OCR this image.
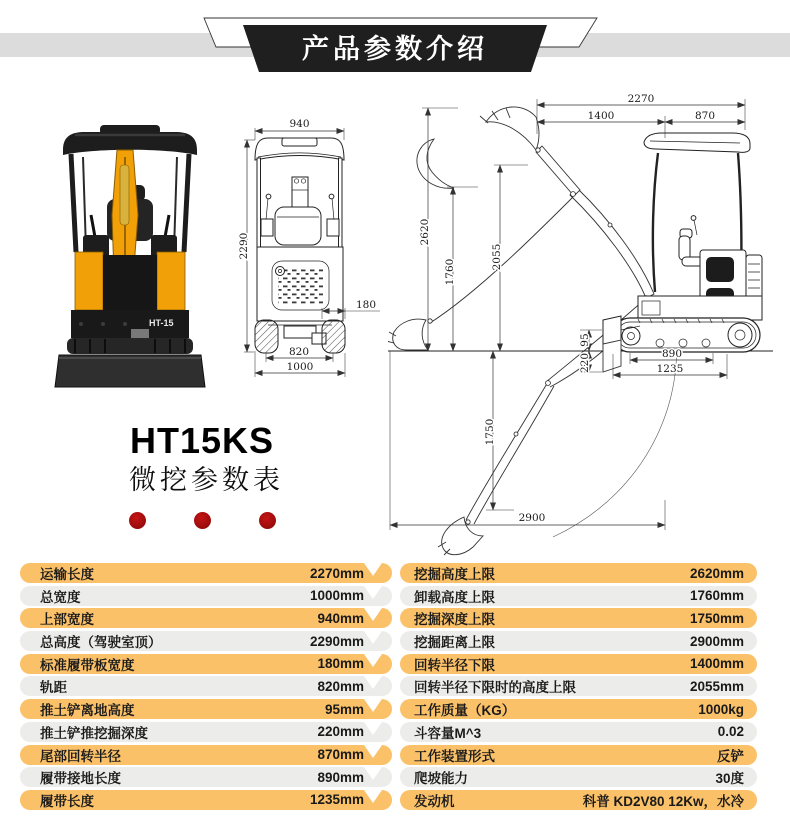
产品参数介绍
HT-15
940
2290
180
820
1000
2270
1400	870
2620
1760
2055
95
220	890
1235
1750
2900
HT15KS
微挖参数表
运输长度	2270mm
总宽度	1000mm
上部宽度	940mm
总高度（驾驶室顶）	2290mm
标准履带板宽度	180mm
轨距	820mm
推土铲离地高度	95mm
推土铲推挖掘深度	220mm
尾部回转半径	870mm
履带接地长度	890mm
履带长度	1235mm
挖掘高度上限	2620mm
卸载高度上限	1760mm
挖掘深度上限	1750mm
挖掘距离上限	2900mm
回转半径下限	1400mm
回转半径下限时的高度上限	2055mm
工作质量（KG）	1000kg
斗容量M^3	0.02
工作装置形式	反铲
爬坡能力	30度
发动机	科普 KD2V80 12Kw，水冷
